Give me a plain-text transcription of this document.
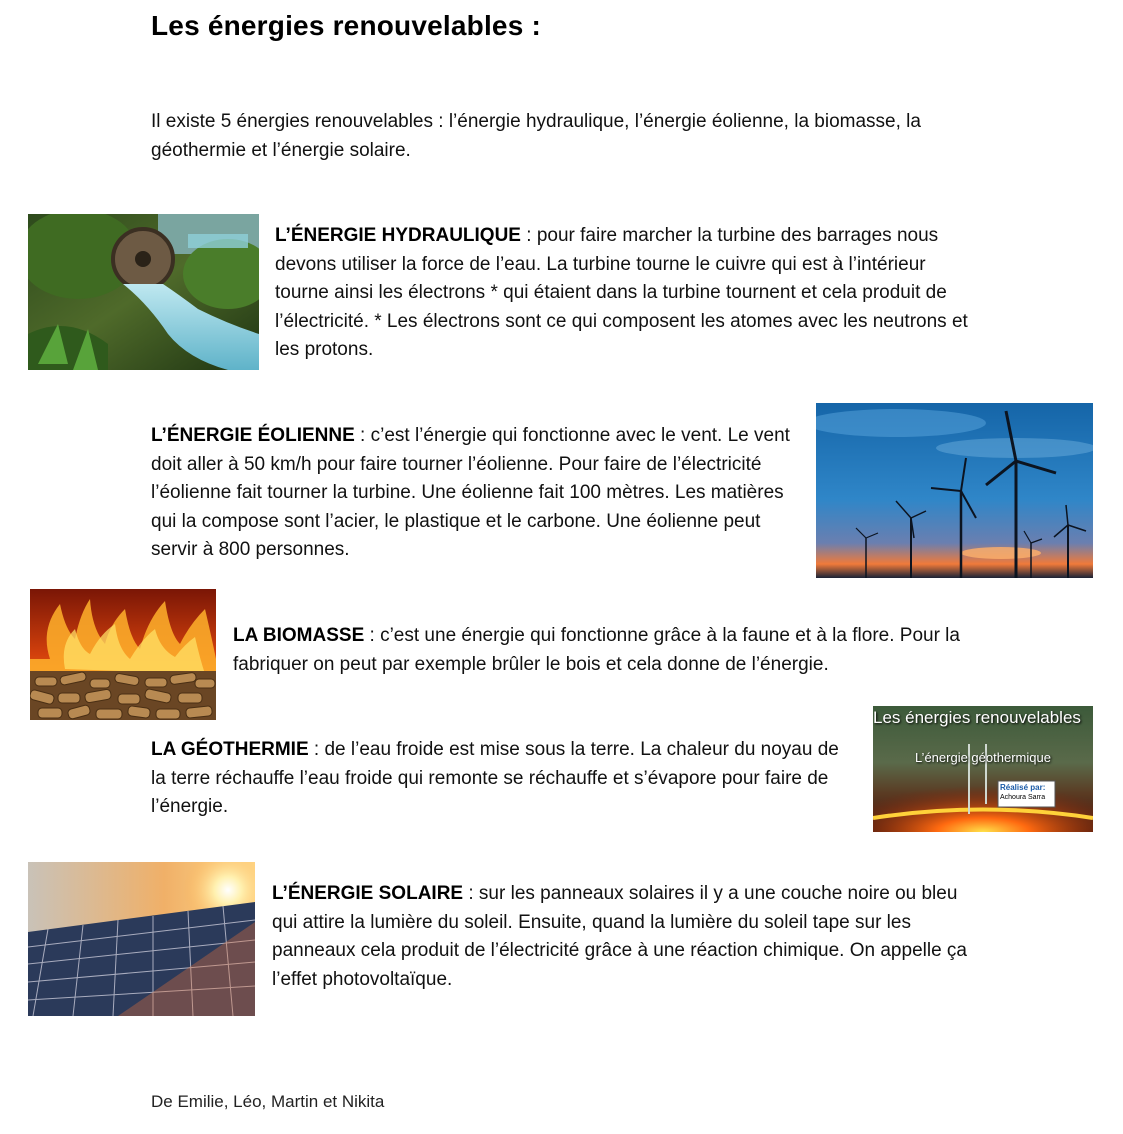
Les énergies renouvelables :

Il existe 5 énergies renouvelables : l’énergie hydraulique, l’énergie éolienne, la biomasse, la géothermie et l’énergie solaire.

L’ÉNERGIE HYDRAULIQUE : pour faire marcher la turbine des barrages nous devons utiliser la force de l’eau. La turbine tourne le cuivre qui est à l’intérieur tourne ainsi les électrons * qui étaient dans la turbine tournent et cela produit de l’électricité. * Les électrons sont ce qui composent les atomes avec les neutrons et les protons.

L’ÉNERGIE ÉOLIENNE : c’est l’énergie qui fonctionne avec le vent. Le vent doit aller à 50 km/h pour faire tourner l’éolienne. Pour faire de l’électricité l’éolienne fait tourner la turbine. Une éolienne fait 100 mètres. Les matières qui la compose sont l’acier, le plastique et le carbone. Une éolienne peut servir à 800 personnes.

LA BIOMASSE : c’est une énergie qui fonctionne grâce à la faune et à la flore. Pour la fabriquer on peut par exemple brûler le bois et cela donne de l’énergie.

LA GÉOTHERMIE : de l’eau froide est mise sous la terre. La chaleur du noyau de la terre réchauffe l’eau froide qui remonte se réchauffe et s’évapore pour faire de l’énergie.

Les énergies renouvelables
L’énergie géothermique
Réalisé par:
Achoura Sarra

L’ÉNERGIE SOLAIRE : sur les panneaux solaires il y a une couche noire ou bleu qui attire la lumière du soleil. Ensuite, quand la lumière du soleil tape sur les panneaux cela produit de l’électricité grâce à une réaction chimique. On appelle ça l’effet photovoltaïque.

De Emilie, Léo, Martin et Nikita
